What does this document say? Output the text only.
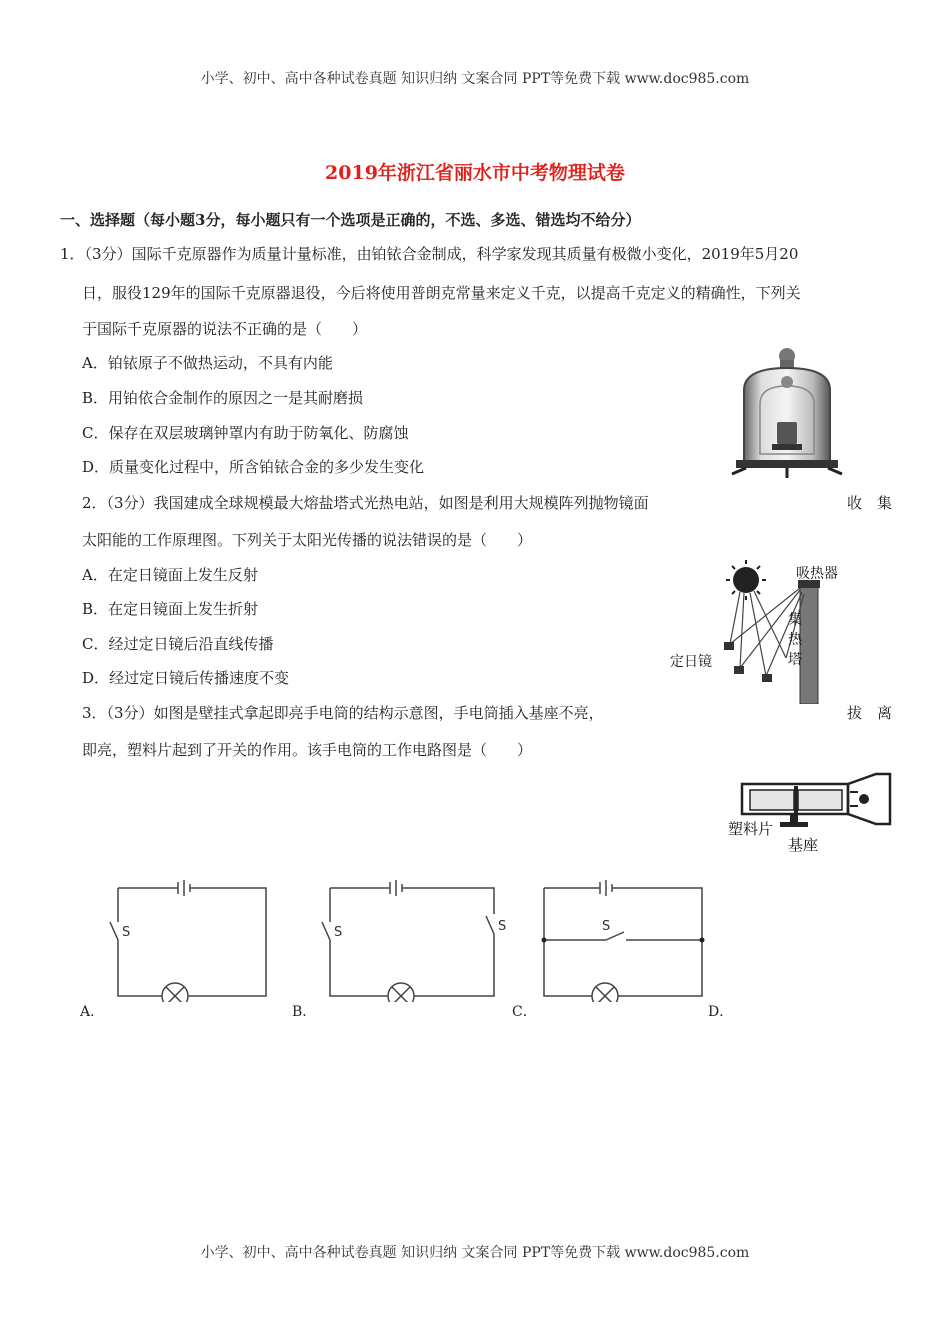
小学、初中、高中各种试卷真题 知识归纳 文案合同 PPT等免费下载 www.doc985.com
2019年浙江省丽水市中考物理试卷
一、选择题（每小题3分，每小题只有一个选项是正确的，不选、多选、错选均不给分）
1．（3分）国际千克原器作为质量计量标准，由铂铱合金制成，科学家发现其质量有极微小变化，2019年5月20
日，服役129年的国际千克原器退役，今后将使用普朗克常量来定义千克，以提高千克定义的精确性，下列关
于国际千克原器的说法不正确的是（　　）
A．铂铱原子不做热运动，不具有内能
B．用铂依合金制作的原因之一是其耐磨损
C．保存在双层玻璃钟罩内有助于防氧化、防腐蚀
D．质量变化过程中，所含铂铱合金的多少发生变化
2．（3分）我国建成全球规模最大熔盐塔式光热电站，如图是利用大规模阵列抛物镜面	收　集
太阳能的工作原理图。下列关于太阳光传播的说法错误的是（　　）
A．在定日镜面上发生反射
B．在定日镜面上发生折射
C．经过定日镜后沿直线传播
D．经过定日镜后传播速度不变
吸热器
定日镜
集
热
塔
3．（3分）如图是壁挂式拿起即亮手电筒的结构示意图，手电筒插入基座不亮，	拔　离
即亮，塑料片起到了开关的作用。该手电筒的工作电路图是（　　）
塑料片
基座
S
A．
S	S
B．
S
C．	D．
小学、初中、高中各种试卷真题 知识归纳 文案合同 PPT等免费下载 www.doc985.com
